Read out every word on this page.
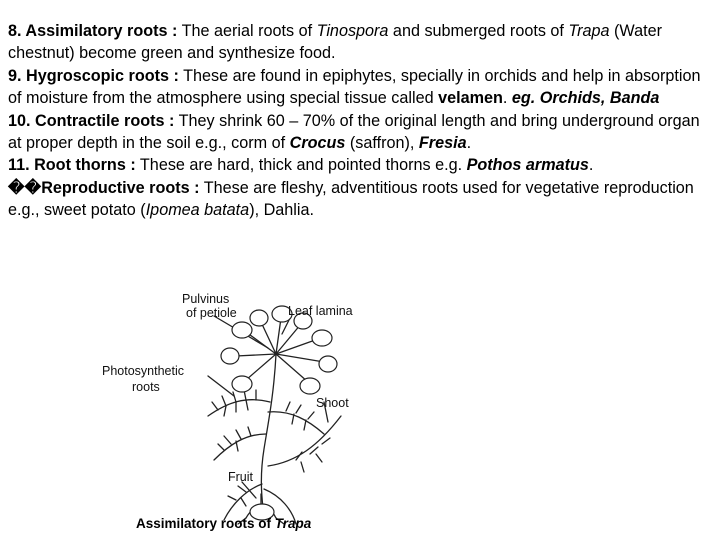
8. Assimilatory roots : The aerial roots of Tinospora and submerged roots of Trapa (Water chestnut) become green and synthesize food.

9. Hygroscopic roots : These are found in epiphytes, specially in orchids and help in absorption of moisture from the atmosphere using special tissue called velamen. eg. Orchids, Banda

10. Contractile roots : They shrink 60 – 70% of the original length and bring underground organ at proper depth in the soil e.g., corm of Crocus (saffron), Fresia.

11. Root thorns : These are hard, thick and pointed thorns e.g. Pothos armatus.

��Reproductive roots : These are fleshy, adventitious roots used for vegetative reproduction e.g., sweet potato (Ipomea batata), Dahlia.

Pulvinus
of petiole	Leaf lamina
Photosynthetic
roots
Shoot
Fruit
Assimilatory roots of Trapa
